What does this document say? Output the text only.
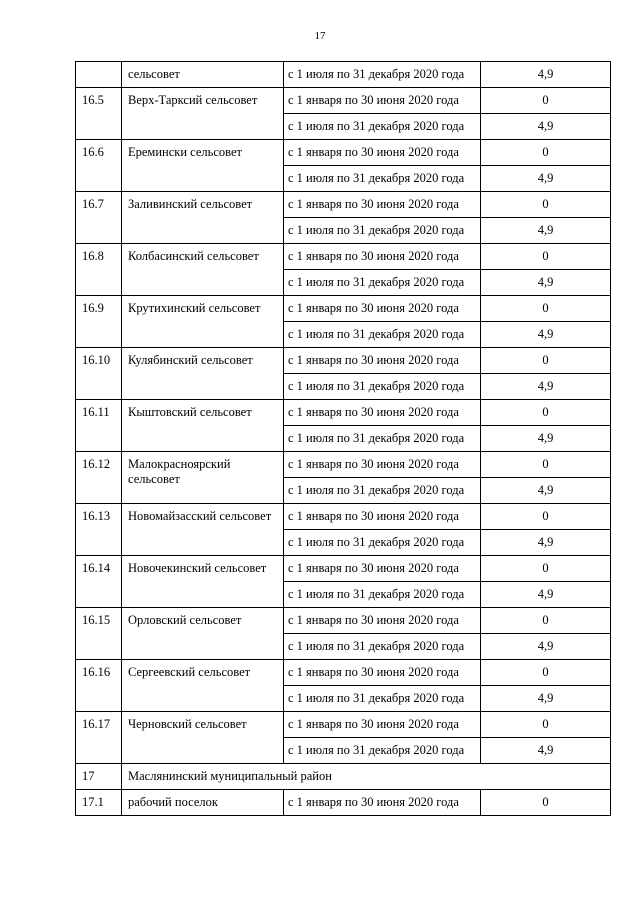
17
	сельсовет	с 1 июля по 31 декабря 2020 года	4,9
16.5	Верх-Тарксий сельсовет	с 1 января по 30 июня 2020 года	0
		с 1 июля по 31 декабря 2020 года	4,9
16.6	Еремински сельсовет	с 1 января по 30 июня 2020 года	0
		с 1 июля по 31 декабря 2020 года	4,9
16.7	Заливинский сельсовет	с 1 января по 30 июня 2020 года	0
		с 1 июля по 31 декабря 2020 года	4,9
16.8	Колбасинский сельсовет	с 1 января по 30 июня 2020 года	0
		с 1 июля по 31 декабря 2020 года	4,9
16.9	Крутихинский сельсовет	с 1 января по 30 июня 2020 года	0
		с 1 июля по 31 декабря 2020 года	4,9
16.10	Кулябинский сельсовет	с 1 января по 30 июня 2020 года	0
		с 1 июля по 31 декабря 2020 года	4,9
16.11	Кыштовский сельсовет	с 1 января по 30 июня 2020 года	0
		с 1 июля по 31 декабря 2020 года	4,9
16.12	Малокрасноярский сельсовет	с 1 января по 30 июня 2020 года	0
		с 1 июля по 31 декабря 2020 года	4,9
16.13	Новомайзасский сельсовет	с 1 января по 30 июня 2020 года	0
		с 1 июля по 31 декабря 2020 года	4,9
16.14	Новочекинский сельсовет	с 1 января по 30 июня 2020 года	0
		с 1 июля по 31 декабря 2020 года	4,9
16.15	Орловский сельсовет	с 1 января по 30 июня 2020 года	0
		с 1 июля по 31 декабря 2020 года	4,9
16.16	Сергеевский сельсовет	с 1 января по 30 июня 2020 года	0
		с 1 июля по 31 декабря 2020 года	4,9
16.17	Черновский сельсовет	с 1 января по 30 июня 2020 года	0
		с 1 июля по 31 декабря 2020 года	4,9
17	Маслянинский муниципальный район		
17.1	рабочий поселок	с 1 января по 30 июня 2020 года	0
